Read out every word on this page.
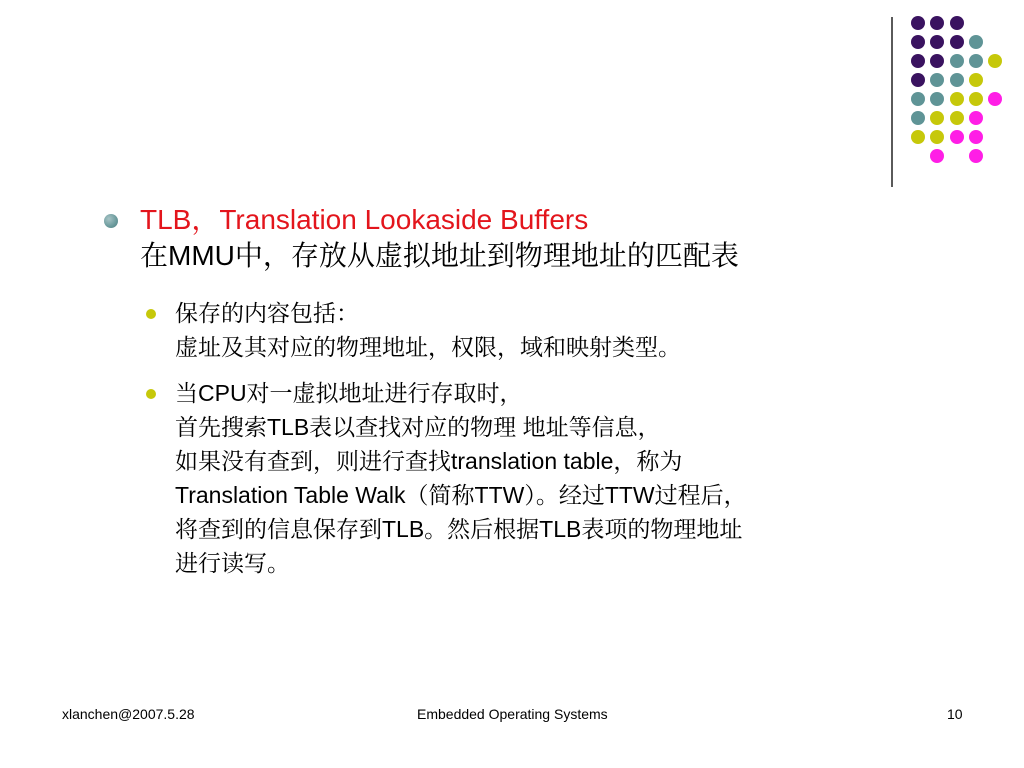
TLB，Translation Lookaside Buffers
在MMU中，存放从虚拟地址到物理地址的匹配表
保存的内容包括：
虚址及其对应的物理地址，权限，域和映射类型。
当CPU对一虚拟地址进行存取时，
首先搜索TLB表以查找对应的物理 地址等信息，
如果没有查到，则进行查找translation table，称为
Translation Table Walk（简称TTW）。经过TTW过程后，
将查到的信息保存到TLB。然后根据TLB表项的物理地址
进行读写。
xlanchen@2007.5.28	Embedded Operating Systems	10
